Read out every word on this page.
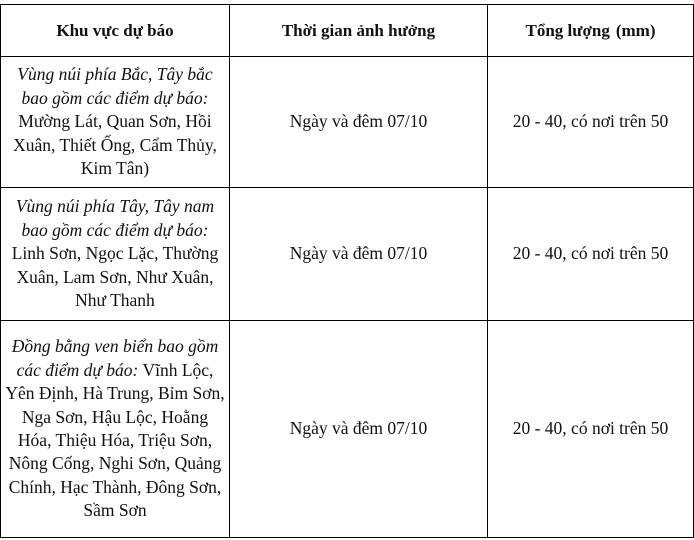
Khu vực dự báo	Thời gian ảnh hưởng	Tổng lượng (mm)
Vùng núi phía Bắc, Tây bắc bao gồm các điểm dự báo: Mường Lát, Quan Sơn, Hồi Xuân, Thiết Ống, Cẩm Thủy, Kim Tân)	Ngày và đêm 07/10	20 - 40, có nơi trên 50
Vùng núi phía Tây, Tây nam bao gồm các điểm dự báo: Linh Sơn, Ngọc Lặc, Thường Xuân, Lam Sơn, Như Xuân, Như Thanh	Ngày và đêm 07/10	20 - 40, có nơi trên 50
Đồng bằng ven biển bao gồm các điểm dự báo: Vĩnh Lộc, Yên Định, Hà Trung, Bỉm Sơn, Nga Sơn, Hậu Lộc, Hoằng Hóa, Thiệu Hóa, Triệu Sơn, Nông Cống, Nghi Sơn, Quảng Chính, Hạc Thành, Đông Sơn, Sầm Sơn	Ngày và đêm 07/10	20 - 40, có nơi trên 50
